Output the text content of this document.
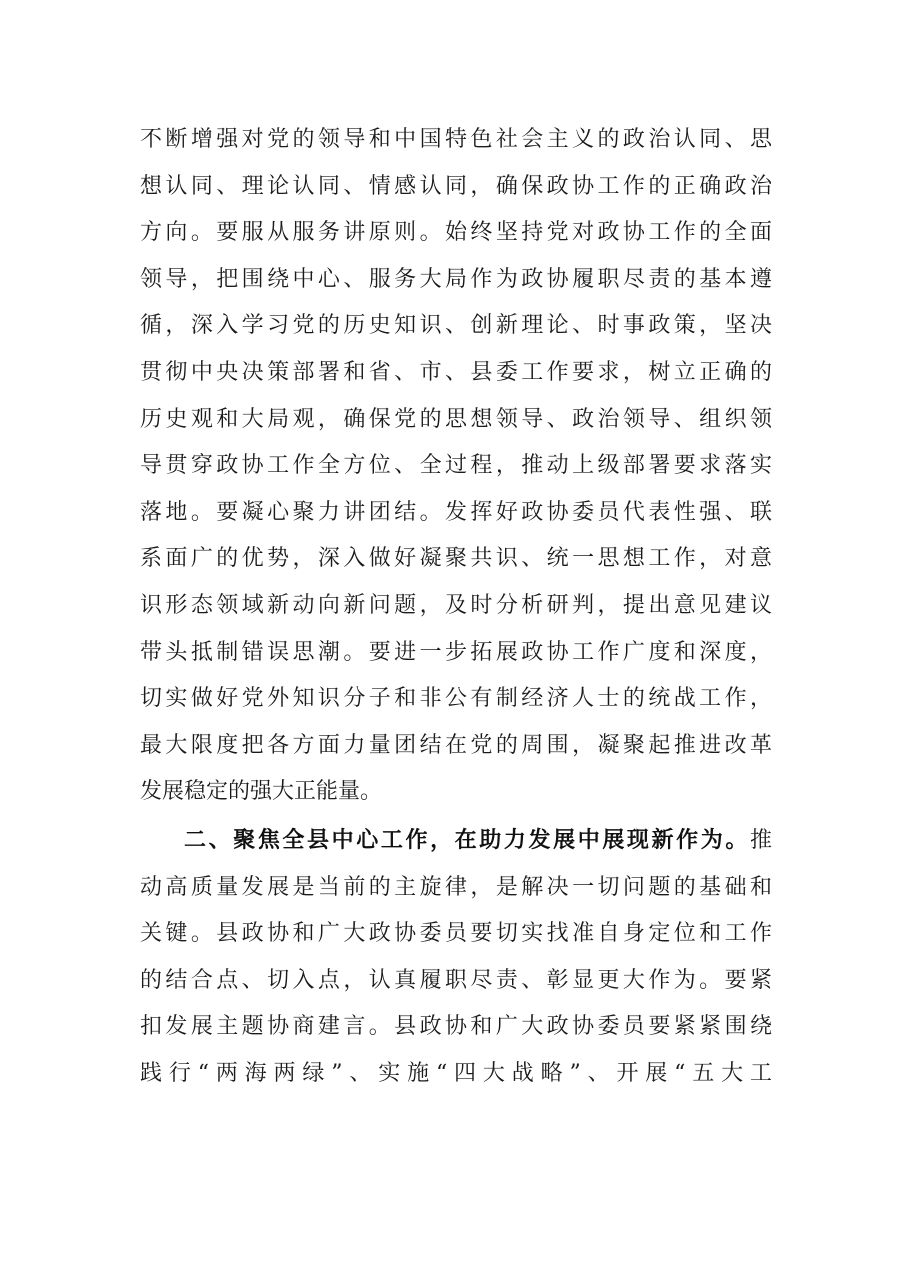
不断增强对党的领导和中国特色社会主义的政治认同、思
想认同、理论认同、情感认同，确保政协工作的正确政治
方向。要服从服务讲原则。始终坚持党对政协工作的全面
领导，把围绕中心、服务大局作为政协履职尽责的基本遵
循，深入学习党的历史知识、创新理论、时事政策，坚决
贯彻中央决策部署和省、市、县委工作要求，树立正确的
历史观和大局观，确保党的思想领导、政治领导、组织领
导贯穿政协工作全方位、全过程，推动上级部署要求落实
落地。要凝心聚力讲团结。发挥好政协委员代表性强、联
系面广的优势，深入做好凝聚共识、统一思想工作，对意
识形态领域新动向新问题，及时分析研判，提出意见建议
带头抵制错误思潮。要进一步拓展政协工作广度和深度，
切实做好党外知识分子和非公有制经济人士的统战工作，
最大限度把各方面力量团结在党的周围，凝聚起推进改革
发展稳定的强大正能量。
二、聚焦全县中心工作，在助力发展中展现新作为。推
动高质量发展是当前的主旋律，是解决一切问题的基础和
关键。县政协和广大政协委员要切实找准自身定位和工作
的结合点、切入点，认真履职尽责、彰显更大作为。要紧
扣发展主题协商建言。县政协和广大政协委员要紧紧围绕
践行“两海两绿”、实施“四大战略”、开展“五大工
